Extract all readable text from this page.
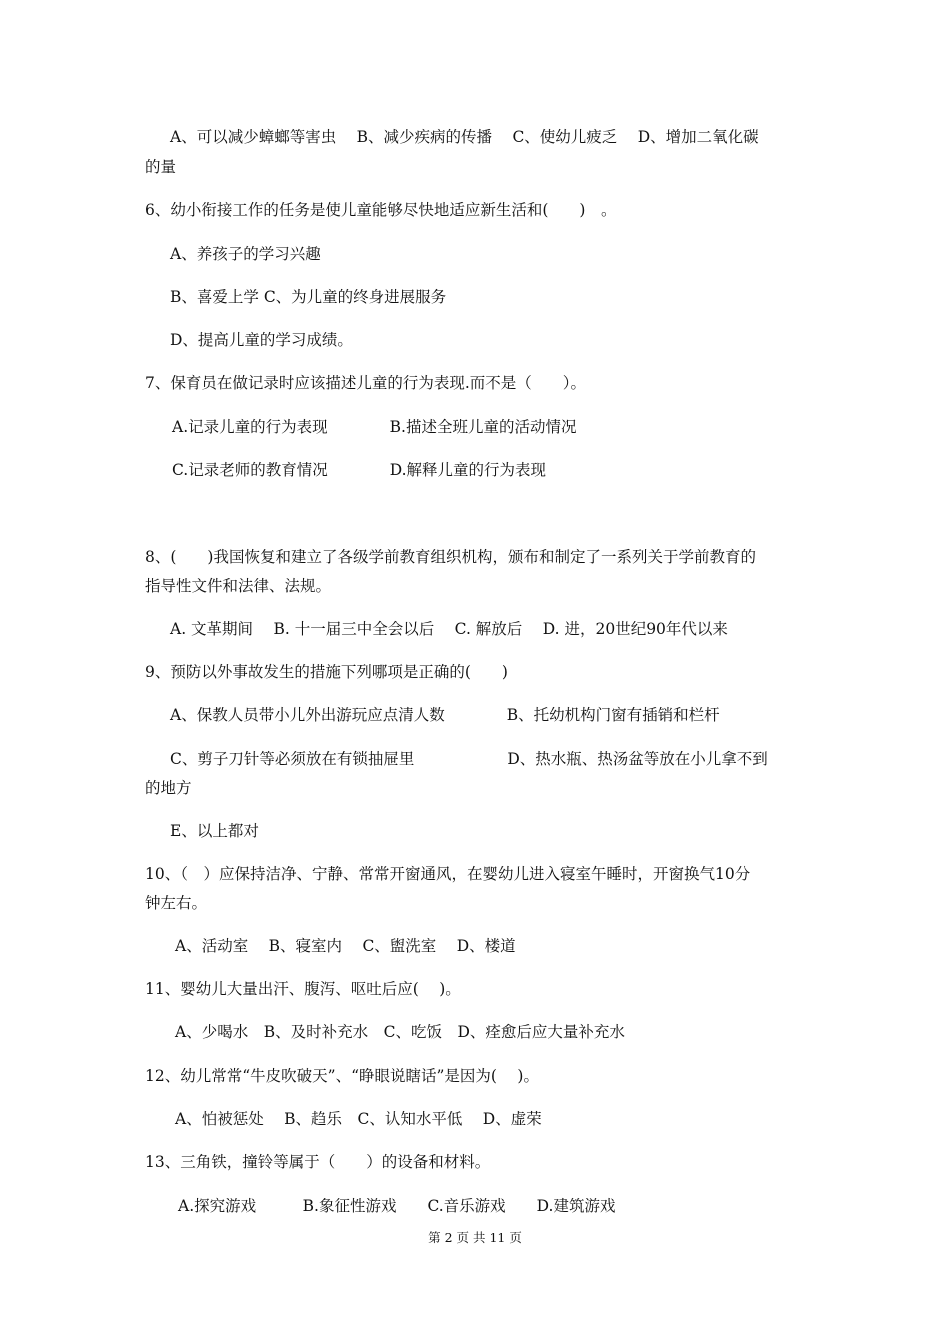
A、可以减少蟑螂等害虫　 B、减少疾病的传播　 C、使幼儿疲乏　 D、增加二氧化碳
的量
6、幼小衔接工作的任务是使儿童能够尽快地适应新生活和(　　)　。
A、养孩子的学习兴趣
B、喜爱上学 C、为儿童的终身进展服务
D、提高儿童的学习成绩。
7、保育员在做记录时应该描述儿童的行为表现.而不是（　　）。
A.记录儿童的行为表现　　　　B.描述全班儿童的活动情况
C.记录老师的教育情况　　　　D.解释儿童的行为表现
8、(　　)我国恢复和建立了各级学前教育组织机构，颁布和制定了一系列关于学前教育的
指导性文件和法律、法规。
A. 文革期间　 B. 十一届三中全会以后　 C. 解放后　 D. 进，20世纪90年代以来
9、预防以外事故发生的措施下列哪项是正确的(　　)
A、保教人员带小儿外出游玩应点清人数　　　　B、托幼机构门窗有插销和栏杆
C、剪子刀针等必须放在有锁抽屉里　　　　　　D、热水瓶、热汤盆等放在小儿拿不到
的地方
E、以上都对
10、（　）应保持洁净、宁静、常常开窗通风，在婴幼儿进入寝室午睡时，开窗换气10分
钟左右。
A、活动室　 B、寝室内　 C、盥洗室　 D、楼道
11、婴幼儿大量出汗、腹泻、呕吐后应(　 )。
A、少喝水　B、及时补充水　C、吃饭　D、痊愈后应大量补充水
12、幼儿常常“牛皮吹破天”、“睁眼说瞎话”是因为(　 )。
A、怕被惩处　 B、趋乐　C、认知水平低　 D、虚荣
13、三角铁，撞铃等属于（　　）的设备和材料。
A.探究游戏　　　B.象征性游戏　　C.音乐游戏　　D.建筑游戏
第 2 页 共 11 页
